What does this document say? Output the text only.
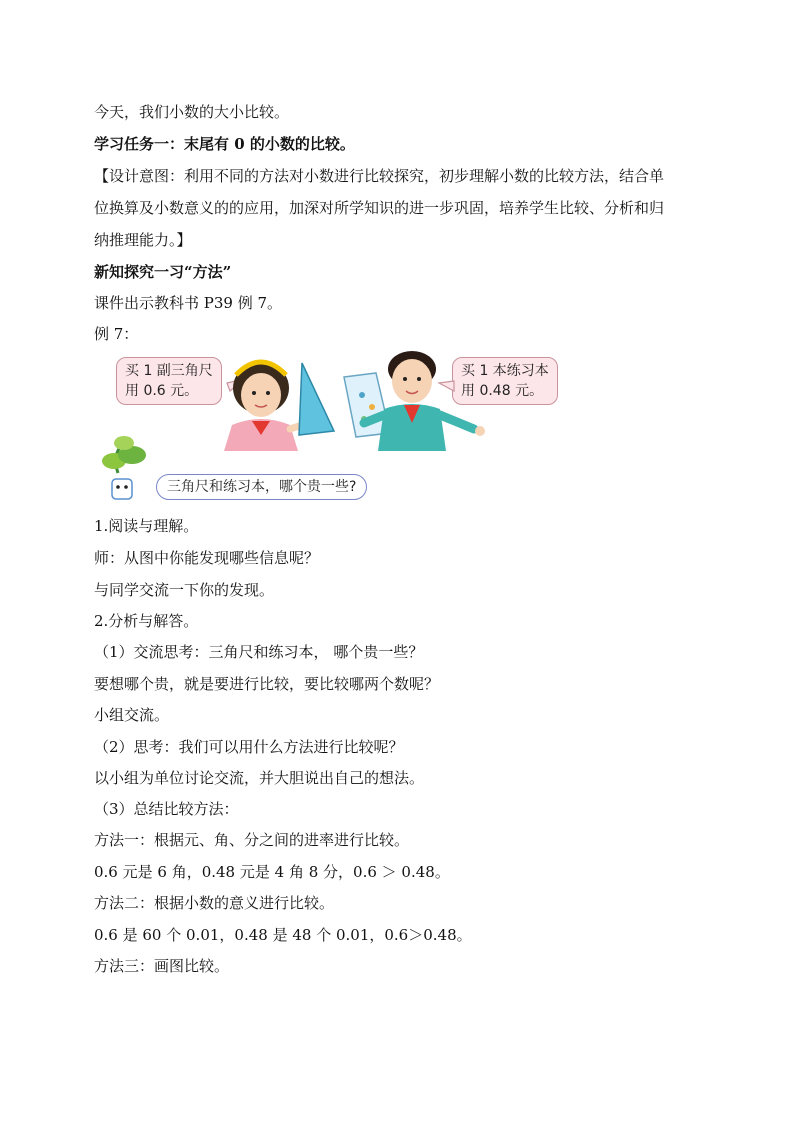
今天，我们小数的大小比较。
学习任务一：末尾有 0 的小数的比较。
【设计意图：利用不同的方法对小数进行比较探究，初步理解小数的比较方法，结合单
位换算及小数意义的的应用，加深对所学知识的进一步巩固，培养学生比较、分析和归
纳推理能力。】
新知探究一习“方法”
课件出示教科书 P39 例 7。
例 7：
买 1 副三角尺
用 0.6 元。
买 1 本练习本
用 0.48 元。
三角尺和练习本，哪个贵一些?
1.阅读与理解。
师：从图中你能发现哪些信息呢？
与同学交流一下你的发现。
2.分析与解答。
（1）交流思考：三角尺和练习本， 哪个贵一些？
要想哪个贵，就是要进行比较，要比较哪两个数呢？
小组交流。
（2）思考：我们可以用什么方法进行比较呢？
以小组为单位讨论交流，并大胆说出自己的想法。
（3）总结比较方法：
方法一：根据元、角、分之间的进率进行比较。
0.6 元是 6 角，0.48 元是 4 角 8 分，0.6 ＞ 0.48。
方法二：根据小数的意义进行比较。
0.6 是 60 个 0.01，0.48 是 48 个 0.01，0.6＞0.48。
方法三：画图比较。
